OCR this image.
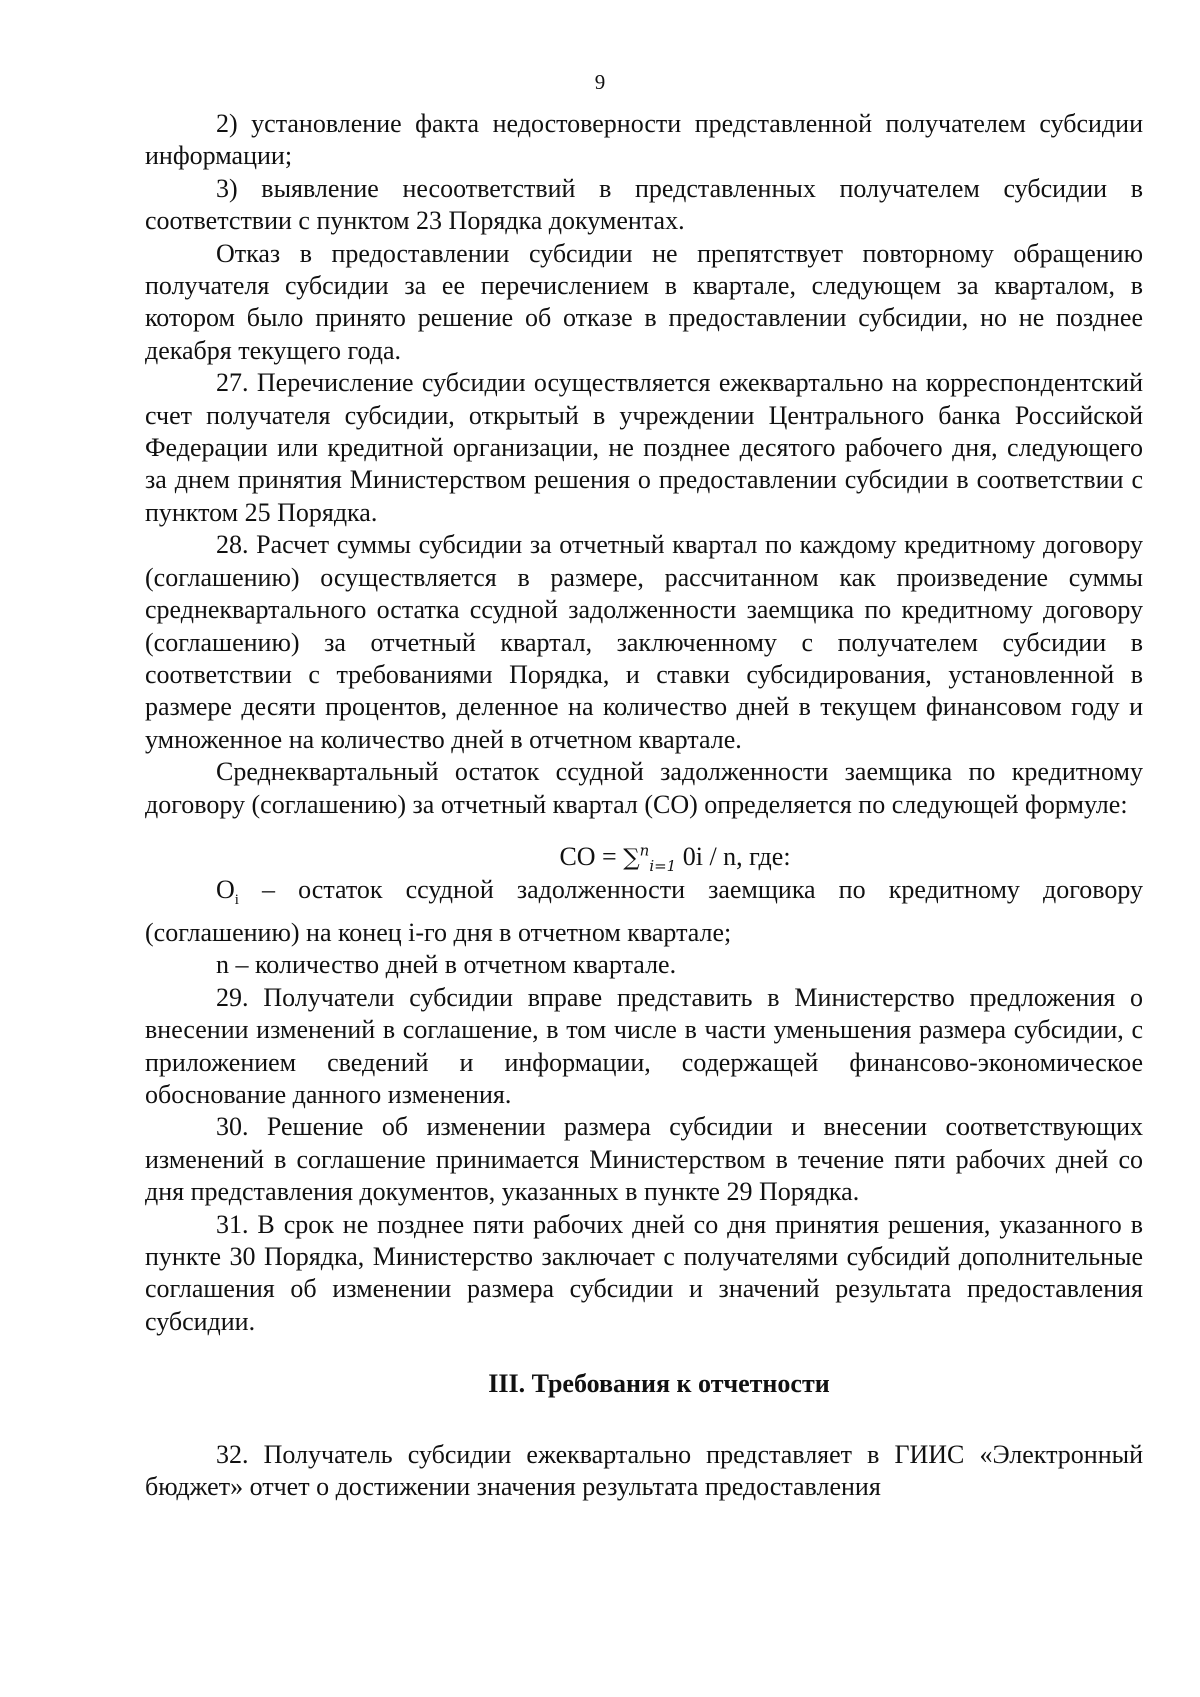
9

2) установление факта недостоверности представленной получателем субсидии информации;

3) выявление несоответствий в представленных получателем субсидии в соответствии с пунктом 23 Порядка документах.

Отказ в предоставлении субсидии не препятствует повторному обращению получателя субсидии за ее перечислением в квартале, следующем за кварталом, в котором было принято решение об отказе в предоставлении субсидии, но не позднее декабря текущего года.

27. Перечисление субсидии осуществляется ежеквартально на корреспондентский счет получателя субсидии, открытый в учреждении Центрального банка Российской Федерации или кредитной организации, не позднее десятого рабочего дня, следующего за днем принятия Министерством решения о предоставлении субсидии в соответствии с пунктом 25 Порядка.

28. Расчет суммы субсидии за отчетный квартал по каждому кредитному договору (соглашению) осуществляется в размере, рассчитанном как произведение суммы среднеквартального остатка ссудной задолженности заемщика по кредитному договору (соглашению) за отчетный квартал, заключенному с получателем субсидии в соответствии с требованиями Порядка, и ставки субсидирования, установленной в размере десяти процентов, деленное на количество дней в текущем финансовом году и умноженное на количество дней в отчетном квартале.

Среднеквартальный остаток ссудной задолженности заемщика по кредитному договору (соглашению) за отчетный квартал (СО) определяется по следующей формуле:

СО = ∑$^n_{i=1}$ 0i / n, где:

$О_i$ – остаток ссудной задолженности заемщика по кредитному договору (соглашению) на конец i-го дня в отчетном квартале;

n – количество дней в отчетном квартале.

29. Получатели субсидии вправе представить в Министерство предложения о внесении изменений в соглашение, в том числе в части уменьшения размера субсидии, с приложением сведений и информации, содержащей финансово-экономическое обоснование данного изменения.

30. Решение об изменении размера субсидии и внесении соответствующих изменений в соглашение принимается Министерством в течение пяти рабочих дней со дня представления документов, указанных в пункте 29 Порядка.

31. В срок не позднее пяти рабочих дней со дня принятия решения, указанного в пункте 30 Порядка, Министерство заключает с получателями субсидий дополнительные соглашения об изменении размера субсидии и значений результата предоставления субсидии.

III. Требования к отчетности

32. Получатель субсидии ежеквартально представляет в ГИИС «Электронный бюджет» отчет о достижении значения результата предоставления
